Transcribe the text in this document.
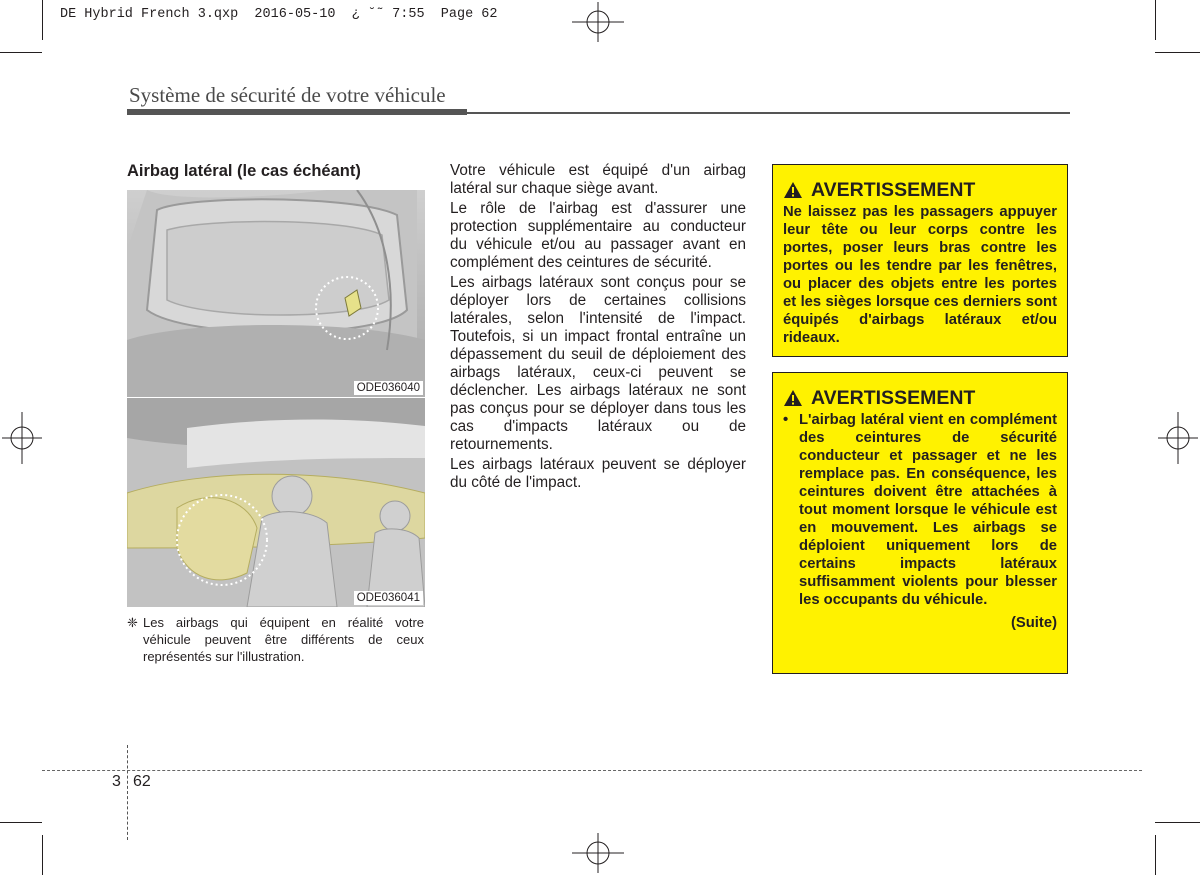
DE Hybrid French 3.qxp  2016-05-10  ¿ ˘˜ 7:55  Page 62
Système de sécurité de votre véhicule
Airbag latéral (le cas échéant)
ODE036040
ODE036041
❈ Les airbags qui équipent en réalité votre véhicule peuvent être différents de ceux représentés sur l'illustration.

Votre véhicule est équipé d'un airbag latéral sur chaque siège avant.

Le rôle de l'airbag est d'assurer une protection supplémentaire au conducteur du véhicule et/ou au passager avant en complément des ceintures de sécurité.

Les airbags latéraux sont conçus pour se déployer lors de certaines collisions latérales, selon l'intensité de l'impact. Toutefois, si un impact frontal entraîne un dépassement du seuil de déploiement des airbags latéraux, ceux-ci peuvent se déclencher. Les airbags latéraux ne sont pas conçus pour se déployer dans tous les cas d'impacts latéraux ou de retournements.

Les airbags latéraux peuvent se déployer du côté de l'impact.

AVERTISSEMENT
Ne laissez pas les passagers appuyer leur tête ou leur corps contre les portes, poser leurs bras contre les portes ou les tendre par les fenêtres, ou placer des objets entre les portes et les sièges lorsque ces derniers sont équipés d'airbags latéraux et/ou rideaux.
AVERTISSEMENT
• L'airbag latéral vient en complément des ceintures de sécurité conducteur et passager et ne les remplace pas. En conséquence, les ceintures doivent être attachées à tout moment lorsque le véhicule est en mouvement. Les airbags se déploient uniquement lors de certains impacts latéraux suffisamment violents pour blesser les occupants du véhicule.
(Suite)
3 62
